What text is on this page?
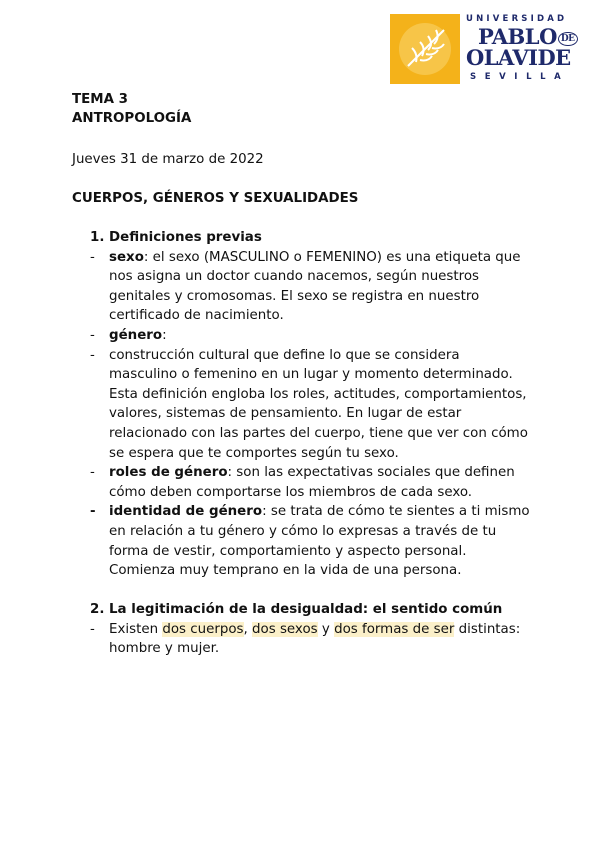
UNIVERSIDAD
PABLO DE
OLAVIDE
SEVILLA
TEMA 3
ANTROPOLOGÍA
Jueves 31 de marzo de 2022
CUERPOS, GÉNEROS Y SEXUALIDADES
1. Definiciones previas
- sexo: el sexo (MASCULINO o FEMENINO) es una etiqueta que nos asigna un doctor cuando nacemos, según nuestros genitales y cromosomas. El sexo se registra en nuestro certificado de nacimiento.
- género:
- construcción cultural que define lo que se considera masculino o femenino en un lugar y momento determinado. Esta definición engloba los roles, actitudes, comportamientos, valores, sistemas de pensamiento. En lugar de estar relacionado con las partes del cuerpo, tiene que ver con cómo se espera que te comportes según tu sexo.
- roles de género: son las expectativas sociales que definen cómo deben comportarse los miembros de cada sexo.
- identidad de género: se trata de cómo te sientes a ti mismo en relación a tu género y cómo lo expresas a través de tu forma de vestir, comportamiento y aspecto personal. Comienza muy temprano en la vida de una persona.
2. La legitimación de la desigualdad: el sentido común
- Existen dos cuerpos, dos sexos y dos formas de ser distintas: hombre y mujer.
